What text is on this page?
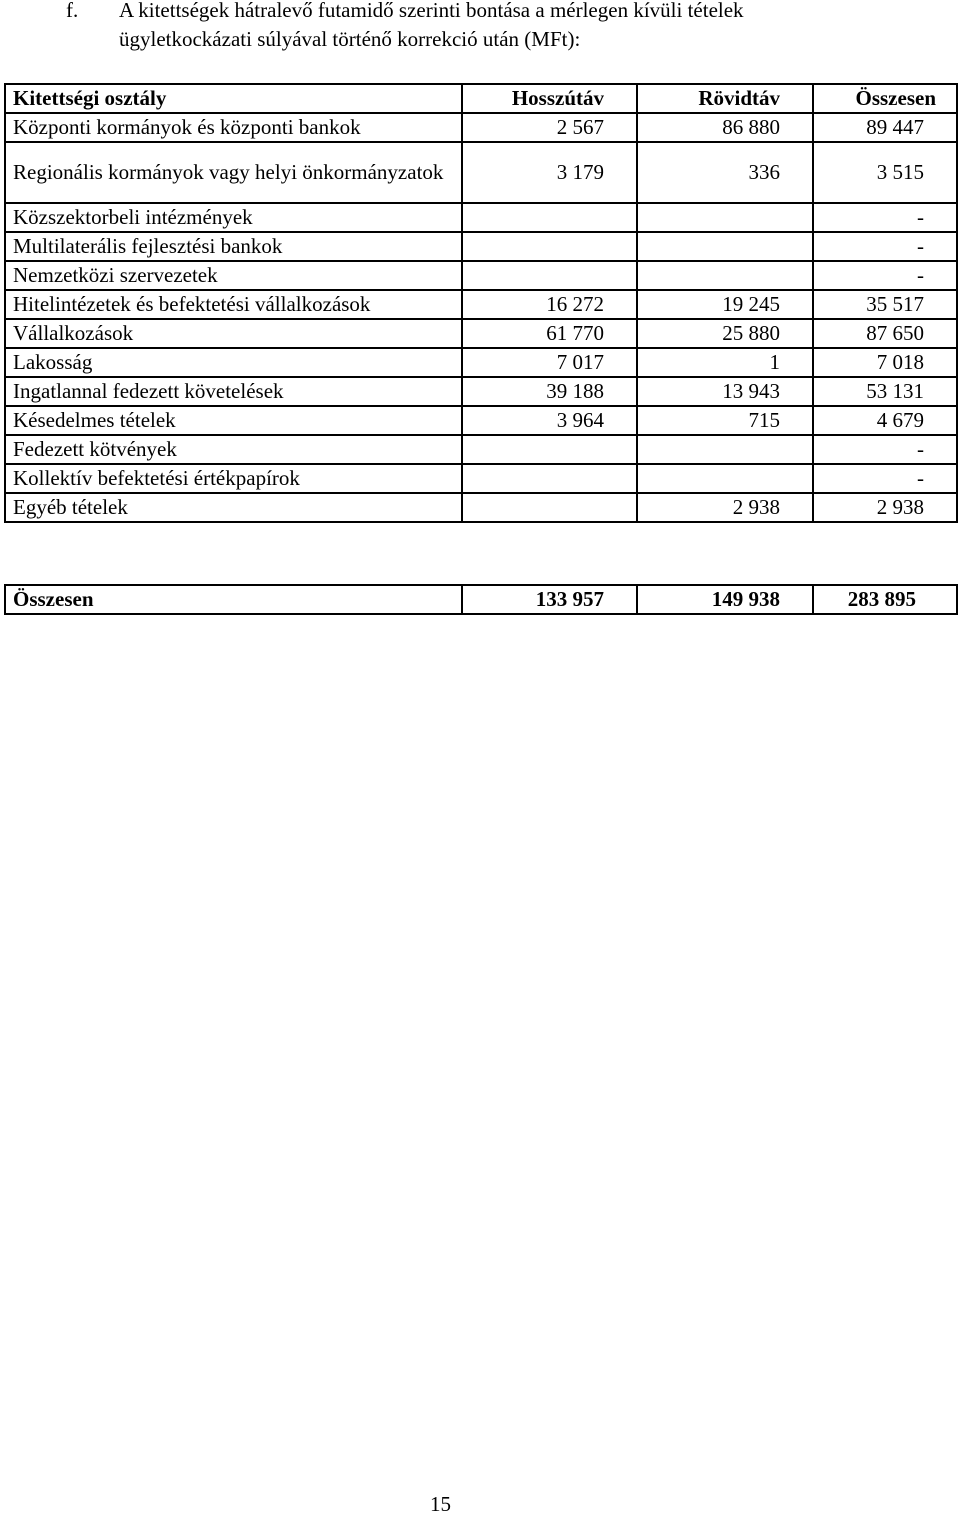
f. A kitettségek hátralevő futamidő szerinti bontása a mérlegen kívüli tételek
ügyletkockázati súlyával történő korrekció után (MFt):
Kitettségi osztály	Hosszútáv	Rövidtáv	Összesen
Központi kormányok és központi bankok	2 567	86 880	89 447
Regionális kormányok vagy helyi önkormányzatok	3 179	336	3 515
Közszektorbeli intézmények			-
Multilaterális fejlesztési bankok			-
Nemzetközi szervezetek			-
Hitelintézetek és befektetési vállalkozások	16 272	19 245	35 517
Vállalkozások	61 770	25 880	87 650
Lakosság	7 017	1	7 018
Ingatlannal fedezett követelések	39 188	13 943	53 131
Késedelmes tételek	3 964	715	4 679
Fedezett kötvények			-
Kollektív befektetési értékpapírok			-
Egyéb tételek		2 938	2 938
Összesen	133 957	149 938	283 895
15
